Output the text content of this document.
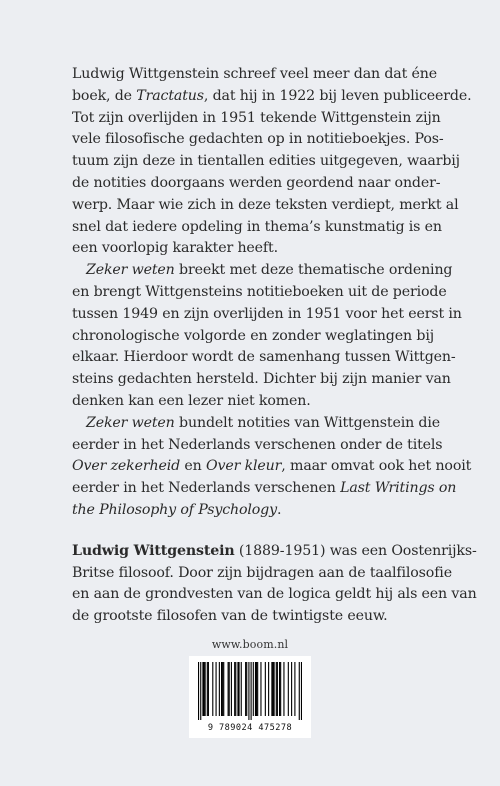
Ludwig Wittgenstein schreef veel meer dan dat éne
boek, de Tractatus, dat hij in 1922 bij leven publiceerde.
Tot zijn overlijden in 1951 tekende Wittgenstein zijn
vele filosofische gedachten op in notitieboekjes. Pos-
tuum zijn deze in tientallen edities uitgegeven, waarbij
de notities doorgaans werden geordend naar onder-
werp. Maar wie zich in deze teksten verdiept, merkt al
snel dat iedere opdeling in thema’s kunstmatig is en
een voorlopig karakter heeft.

Zeker weten breekt met deze thematische ordening
en brengt Wittgensteins notitieboeken uit de periode
tussen 1949 en zijn overlijden in 1951 voor het eerst in
chronologische volgorde en zonder weglatingen bij
elkaar. Hierdoor wordt de samenhang tussen Wittgen-
steins gedachten hersteld. Dichter bij zijn manier van
denken kan een lezer niet komen.

Zeker weten bundelt notities van Wittgenstein die
eerder in het Nederlands verschenen onder de titels
Over zekerheid en Over kleur, maar omvat ook het nooit
eerder in het Nederlands verschenen Last Writings on
the Philosophy of Psychology.

Ludwig Wittgenstein (1889-1951) was een Oostenrijks-
Britse filosoof. Door zijn bijdragen aan de taalfilosofie
en aan de grondvesten van de logica geldt hij als een van
de grootste filosofen van de twintigste eeuw.

www.boom.nl
9 789024 475278
